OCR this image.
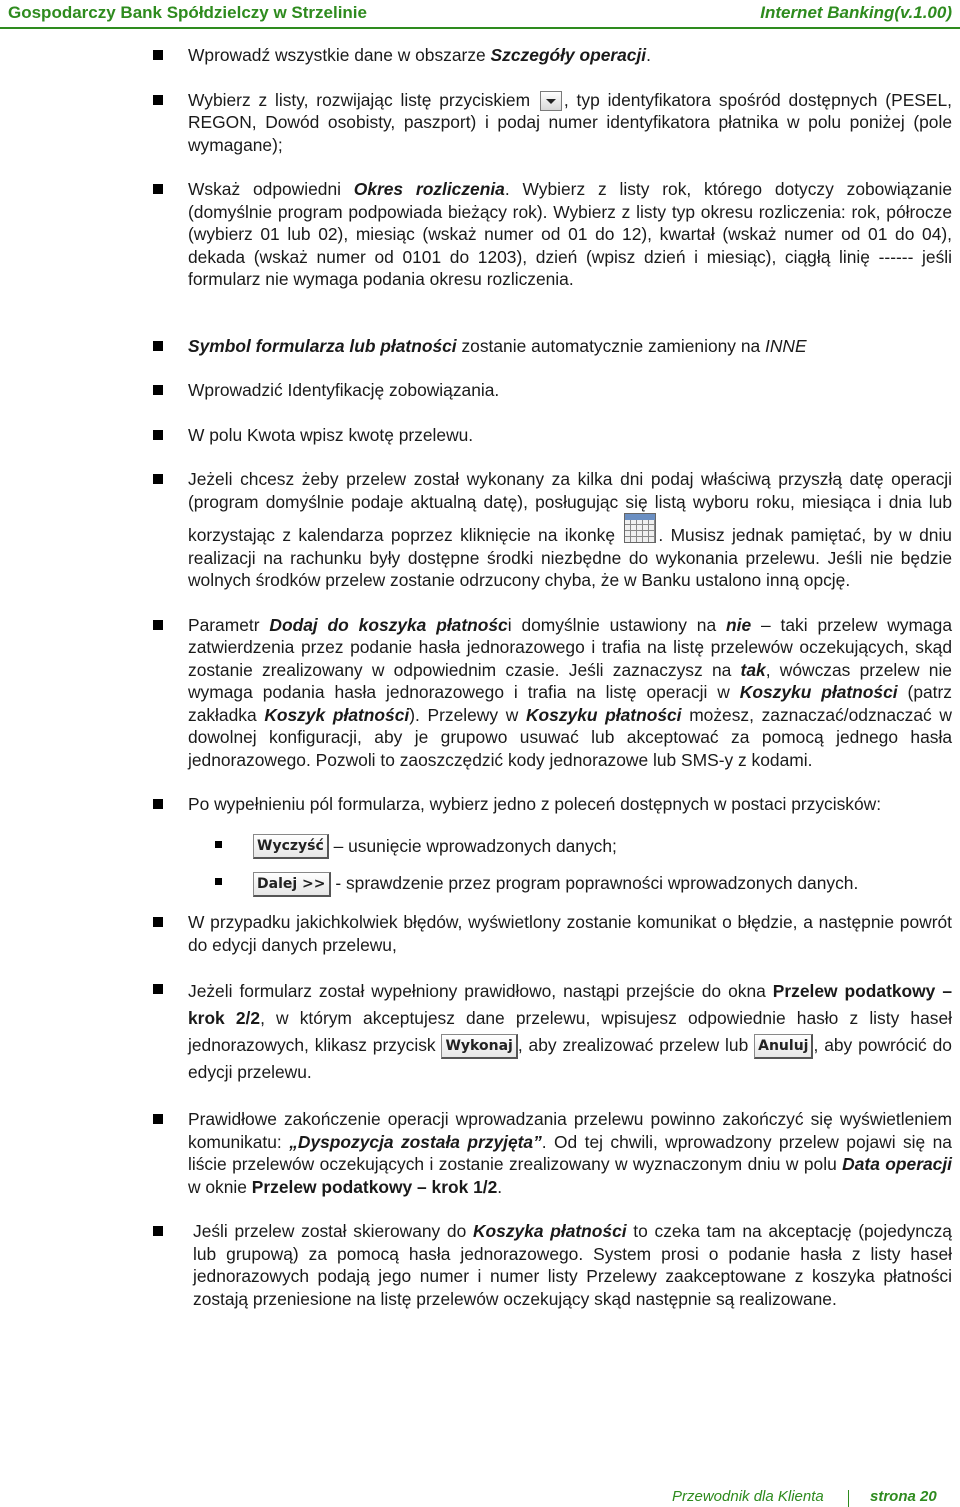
Gospodarczy Bank Spółdzielczy w Strzelinie	Internet Banking(v.1.00)
Wprowadź wszystkie dane w obszarze Szczegóły operacji.
Wybierz z listy, rozwijając listę przyciskiem , typ identyfikatora spośród dostępnych (PESEL, REGON, Dowód osobisty, paszport) i podaj numer identyfikatora płatnika w polu poniżej (pole wymagane);
Wskaż odpowiedni Okres rozliczenia. Wybierz z listy rok, którego dotyczy zobowiązanie (domyślnie program podpowiada bieżący rok). Wybierz z listy typ okresu rozliczenia: rok, półrocze (wybierz 01 lub 02), miesiąc (wskaż numer od 01 do 12), kwartał (wskaż numer od 01 do 04), dekada (wskaż numer od 0101 do 1203), dzień (wpisz dzień i miesiąc), ciągłą linię ------ jeśli formularz nie wymaga podania okresu rozliczenia.
Symbol formularza lub płatności zostanie automatycznie zamieniony na INNE
Wprowadzić Identyfikację zobowiązania.
W polu Kwota wpisz kwotę przelewu.
Jeżeli chcesz żeby przelew został wykonany za kilka dni podaj właściwą przyszłą datę operacji (program domyślnie podaje aktualną datę), posługując się listą wyboru roku, miesiąca i dnia lub korzystając z kalendarza poprzez kliknięcie na ikonkę . Musisz jednak pamiętać, by w dniu realizacji na rachunku były dostępne środki niezbędne do wykonania przelewu. Jeśli nie będzie wolnych środków przelew zostanie odrzucony chyba, że w Banku ustalono inną opcję.
Parametr Dodaj do koszyka płatności domyślnie ustawiony na nie – taki przelew wymaga zatwierdzenia przez podanie hasła jednorazowego i trafia na listę przelewów oczekujących, skąd zostanie zrealizowany w odpowiednim czasie. Jeśli zaznaczysz na tak, wówczas przelew nie wymaga podania hasła jednorazowego i trafia na listę operacji w Koszyku płatności (patrz zakładka Koszyk płatności). Przelewy w Koszyku płatności możesz, zaznaczać/odznaczać w dowolnej konfiguracji, aby je grupowo usuwać lub akceptować za pomocą jednego hasła jednorazowego. Pozwoli to zaoszczędzić kody jednorazowe lub SMS-y z kodami.
Po wypełnieniu pól formularza, wybierz jedno z poleceń dostępnych w postaci przycisków:
Wyczyść – usunięcie wprowadzonych danych;
Dalej >> - sprawdzenie przez program poprawności wprowadzonych danych.
W przypadku jakichkolwiek błędów, wyświetlony zostanie komunikat o błędzie, a następnie powrót do edycji danych przelewu,
Jeżeli formularz został wypełniony prawidłowo, nastąpi przejście do okna Przelew podatkowy – krok 2/2, w którym akceptujesz dane przelewu, wpisujesz odpowiednie hasło z listy haseł jednorazowych, klikasz przycisk Wykonaj , aby zrealizować przelew lub Anuluj , aby powrócić do edycji przelewu.
Prawidłowe zakończenie operacji wprowadzania przelewu powinno zakończyć się wyświetleniem komunikatu: „Dyspozycja została przyjęta”. Od tej chwili, wprowadzony przelew pojawi się na liście przelewów oczekujących i zostanie zrealizowany w wyznaczonym dniu w polu Data operacji w oknie Przelew podatkowy – krok 1/2.
Jeśli przelew został skierowany do Koszyka płatności to czeka tam na akceptację (pojedynczą lub grupową) za pomocą hasła jednorazowego. System prosi o podanie hasła z listy haseł jednorazowych podają jego numer i numer listy Przelewy zaakceptowane z koszyka płatności zostają przeniesione na listę przelewów oczekujący skąd następnie są realizowane.
Przewodnik dla Klienta	strona 20
